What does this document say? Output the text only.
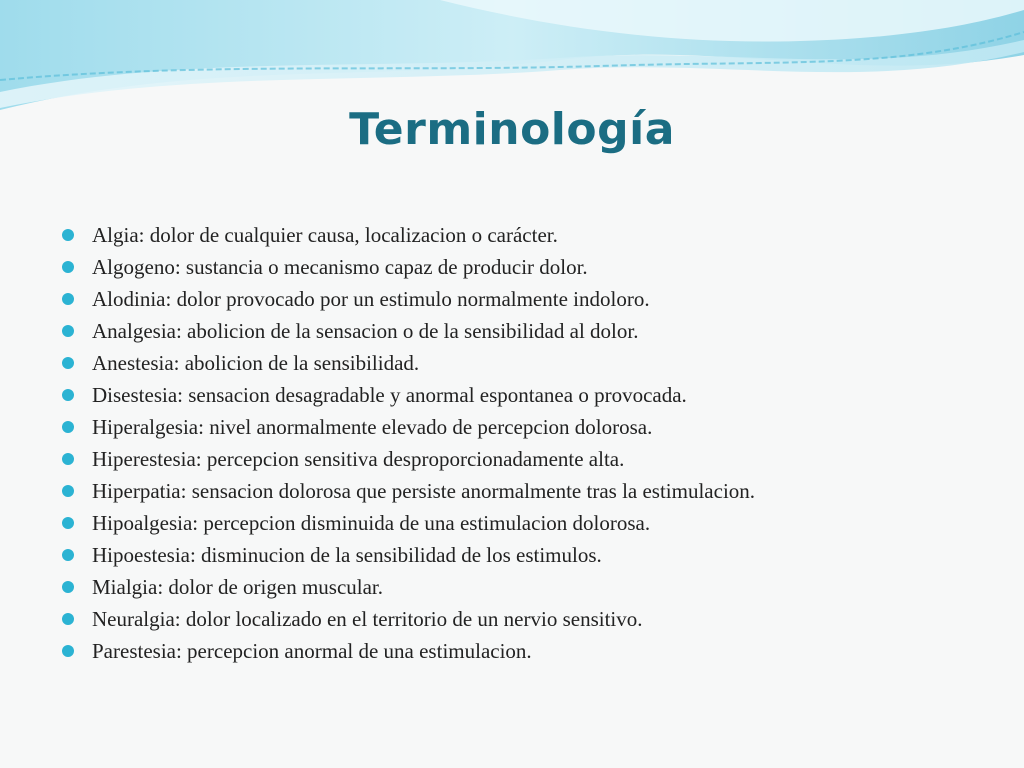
Terminología
Algia: dolor de cualquier causa, localizacion o carácter.
Algogeno: sustancia o mecanismo capaz de producir dolor.
Alodinia: dolor provocado por un estimulo normalmente indoloro.
Analgesia: abolicion de la sensacion o de la sensibilidad al dolor.
Anestesia: abolicion de la sensibilidad.
Disestesia: sensacion desagradable y anormal espontanea o provocada.
Hiperalgesia: nivel anormalmente elevado de percepcion dolorosa.
Hiperestesia: percepcion sensitiva desproporcionadamente alta.
Hiperpatia: sensacion dolorosa que persiste anormalmente tras la estimulacion.
Hipoalgesia: percepcion disminuida de una estimulacion dolorosa.
Hipoestesia: disminucion de la sensibilidad de los estimulos.
Mialgia: dolor de origen muscular.
Neuralgia: dolor localizado en el territorio de un nervio sensitivo.
Parestesia: percepcion anormal de una estimulacion.
